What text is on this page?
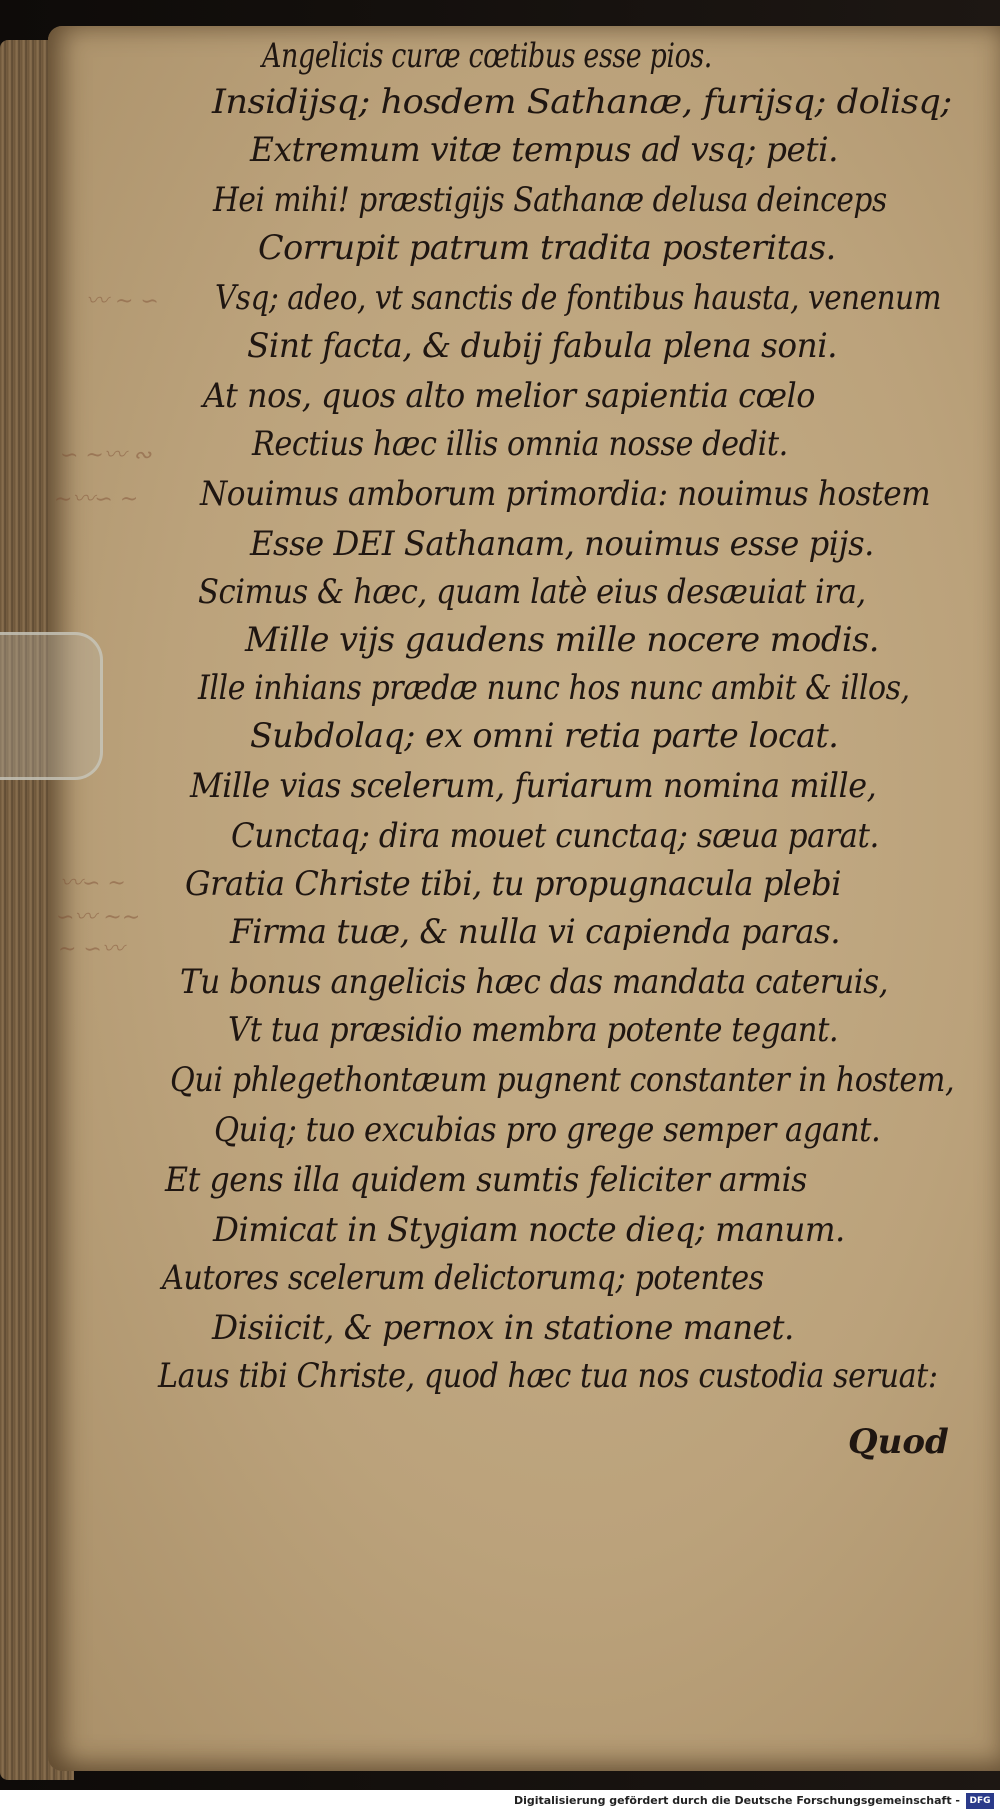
〰 ~ ∽
∽ ~〰 ∾
∼〰∽ ~
〰∽ ~
∽〰 ~∼
~ ∽〰
Angelicis curæ cœtibus esse pios.
Insidijsq; hosdem Sathanæ, furijsq; dolisq;
Extremum vitæ tempus ad vsq; peti.
Hei mihi! præstigijs Sathanæ delusa deinceps
Corrupit patrum tradita posteritas.
Vsq; adeo, vt sanctis de fontibus hausta, venenum
Sint facta, & dubij fabula plena soni.
At nos, quos alto melior sapientia cœlo
Rectius hæc illis omnia nosse dedit.
Nouimus amborum primordia: nouimus hostem
Esse DEI Sathanam, nouimus esse pijs.
Scimus & hæc, quam latè eius desæuiat ira,
Mille vijs gaudens mille nocere modis.
Ille inhians prædæ nunc hos nunc ambit & illos,
Subdolaq; ex omni retia parte locat.
Mille vias scelerum, furiarum nomina mille,
Cunctaq; dira mouet cunctaq; sæua parat.
Gratia Christe tibi, tu propugnacula plebi
Firma tuæ, & nulla vi capienda paras.
Tu bonus angelicis hæc das mandata cateruis,
Vt tua præsidio membra potente tegant.
Qui phlegethontæum pugnent constanter in hostem,
Quiq; tuo excubias pro grege semper agant.
Et gens illa quidem sumtis feliciter armis
Dimicat in Stygiam nocte dieq; manum.
Autores scelerum delictorumq; potentes
Disiicit, & pernox in statione manet.
Laus tibi Christe, quod hæc tua nos custodia seruat:
Quod
Digitalisierung gefördert durch die Deutsche Forschungsgemeinschaft -	DFG
